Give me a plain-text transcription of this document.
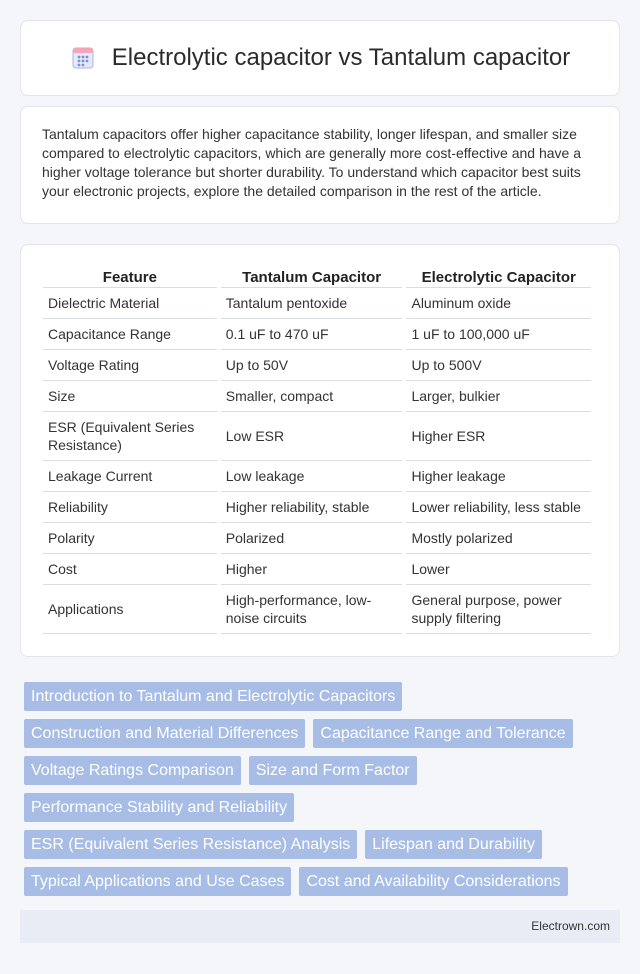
Electrolytic capacitor vs Tantalum capacitor

Tantalum capacitors offer higher capacitance stability, longer lifespan, and smaller size compared to electrolytic capacitors, which are generally more cost-effective and have a higher voltage tolerance but shorter durability. To understand which capacitor best suits your electronic projects, explore the detailed comparison in the rest of the article.

Feature	Tantalum Capacitor	Electrolytic Capacitor
Dielectric Material	Tantalum pentoxide	Aluminum oxide
Capacitance Range	0.1 uF to 470 uF	1 uF to 100,000 uF
Voltage Rating	Up to 50V	Up to 500V
Size	Smaller, compact	Larger, bulkier
ESR (Equivalent Series Resistance)	Low ESR	Higher ESR
Leakage Current	Low leakage	Higher leakage
Reliability	Higher reliability, stable	Lower reliability, less stable
Polarity	Polarized	Mostly polarized
Cost	Higher	Lower
Applications	High-performance, low-noise circuits	General purpose, power supply filtering
Introduction to Tantalum and Electrolytic Capacitors
Construction and Material Differences	Capacitance Range and Tolerance
Voltage Ratings Comparison	Size and Form Factor
Performance Stability and Reliability
ESR (Equivalent Series Resistance) Analysis	Lifespan and Durability
Typical Applications and Use Cases	Cost and Availability Considerations
Electrown.com
